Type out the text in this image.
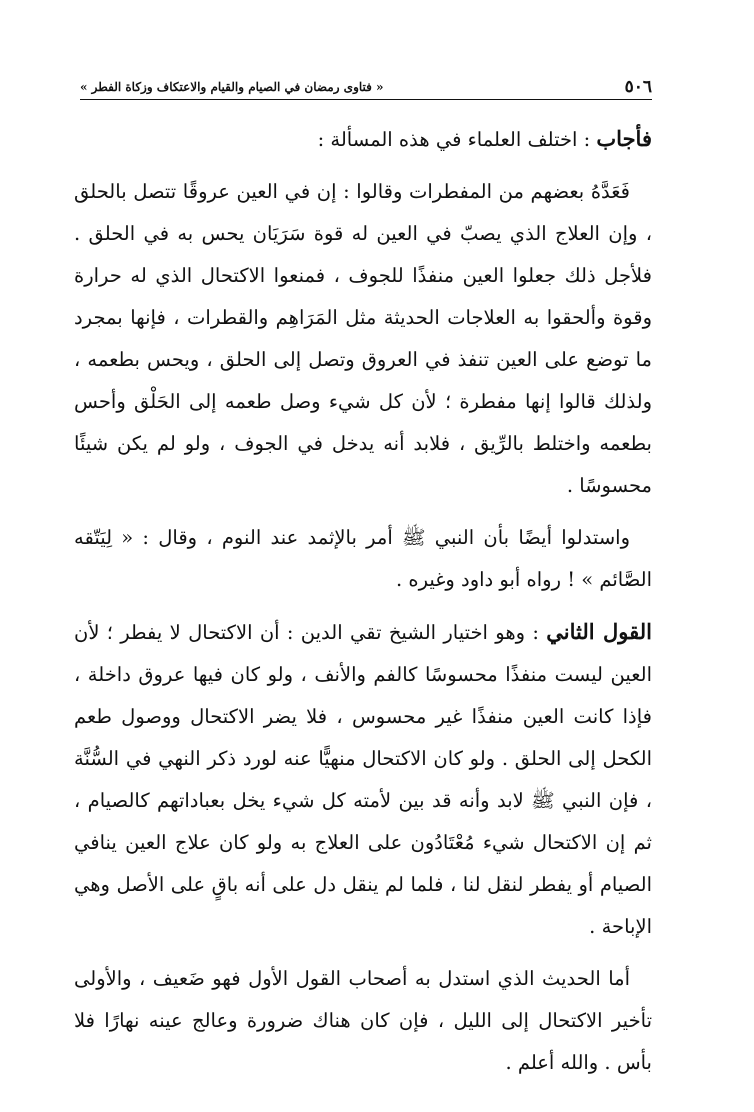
٥٠٦
« فتاوى رمضان في الصيام والقيام والاعتكاف وزكاة الفطر »

فأجاب : اختلف العلماء في هذه المسألة :

فَعَدَّهُ بعضهم من المفطرات وقالوا : إن في العين عروقًا تتصل بالحلق ، وإن العلاج الذي يصبّ في العين له قوة سَرَيَان يحس به في الحلق . فلأجل ذلك جعلوا العين منفذًا للجوف ، فمنعوا الاكتحال الذي له حرارة وقوة وألحقوا به العلاجات الحديثة مثل المَرَاهِم والقطرات ، فإنها بمجرد ما توضع على العين تنفذ في العروق وتصل إلى الحلق ، ويحس بطعمه ، ولذلك قالوا إنها مفطرة ؛ لأن كل شيء وصل طعمه إلى الحَلْق وأحس بطعمه واختلط بالرِّيق ، فلابد أنه يدخل في الجوف ، ولو لم يكن شيئًا محسوسًا .

واستدلوا أيضًا بأن النبي ﷺ أمر بالإثمد عند النوم ، وقال : « لِيَتّقه الصَّائم » ! رواه أبو داود وغيره .

القول الثاني : وهو اختيار الشيخ تقي الدين : أن الاكتحال لا يفطر ؛ لأن العين ليست منفذًا محسوسًا كالفم والأنف ، ولو كان فيها عروق داخلة ، فإذا كانت العين منفذًا غير محسوس ، فلا يضر الاكتحال ووصول طعم الكحل إلى الحلق . ولو كان الاكتحال منهيًّا عنه لورد ذكر النهي في السُّنَّة ، فإن النبي ﷺ لابد وأنه قد بين لأمته كل شيء يخل بعباداتهم كالصيام ، ثم إن الاكتحال شيء مُعْتَادُون على العلاج به ولو كان علاج العين ينافي الصيام أو يفطر لنقل لنا ، فلما لم ينقل دل على أنه باقٍ على الأصل وهي الإباحة .

أما الحديث الذي استدل به أصحاب القول الأول فهو ضَعيف ، والأولى تأخير الاكتحال إلى الليل ، فإن كان هناك ضرورة وعالج عينه نهارًا فلا بأس . والله أعلم .
